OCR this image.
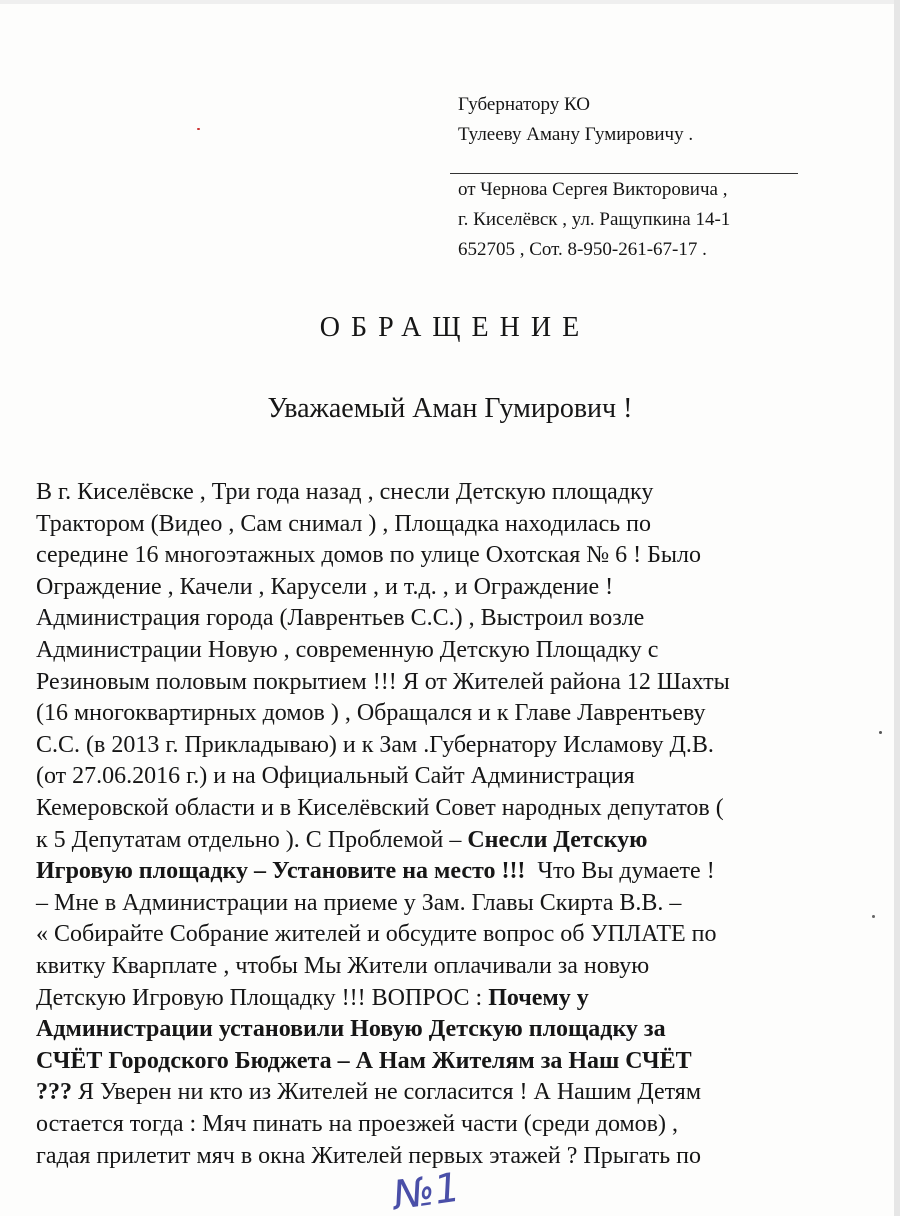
Губернатору КО
Тулееву Аману Гумировичу .
от Чернова Сергея Викторовича ,
г. Киселёвск , ул. Ращупкина 14-1
652705 , Сот. 8-950-261-67-17 .
ОБРАЩЕНИЕ
Уважаемый Аман Гумирович !
В г. Киселёвске , Три года назад , снесли Детскую площадку
Трактором (Видео , Сам снимал ) , Площадка находилась по
середине 16 многоэтажных домов по улице Охотская № 6 ! Было
Ограждение , Качели , Карусели , и т.д. , и Ограждение !
Администрация города (Лаврентьев С.С.) , Выстроил возле
Администрации Новую , современную Детскую Площадку с
Резиновым половым покрытием !!! Я от Жителей района 12 Шахты
(16 многоквартирных домов ) , Обращался и к Главе Лаврентьеву
С.С. (в 2013 г. Прикладываю) и к Зам .Губернатору Исламову Д.В.
(от 27.06.2016 г.) и на Официальный Сайт Администрация
Кемеровской области и в Киселёвский Совет народных депутатов (
к 5 Депутатам отдельно ). С Проблемой – Снесли Детскую
Игровую площадку – Установите на место !!!  Что Вы думаете !
– Мне в Администрации на приеме у Зам. Главы Скирта В.В. –
« Собирайте Собрание жителей и обсудите вопрос об УПЛАТЕ по
квитку Кварплате , чтобы Мы Жители оплачивали за новую
Детскую Игровую Площадку !!! ВОПРОС : Почему у
Администрации установили Новую Детскую площадку за
СЧЁТ Городского Бюджета – А Нам Жителям за Наш СЧЁТ
??? Я Уверен ни кто из Жителей не согласится ! А Нашим Детям
остается тогда : Мяч пинать на проезжей части (среди домов) ,
гадая прилетит мяч в окна Жителей первых этажей ? Прыгать по
№1
